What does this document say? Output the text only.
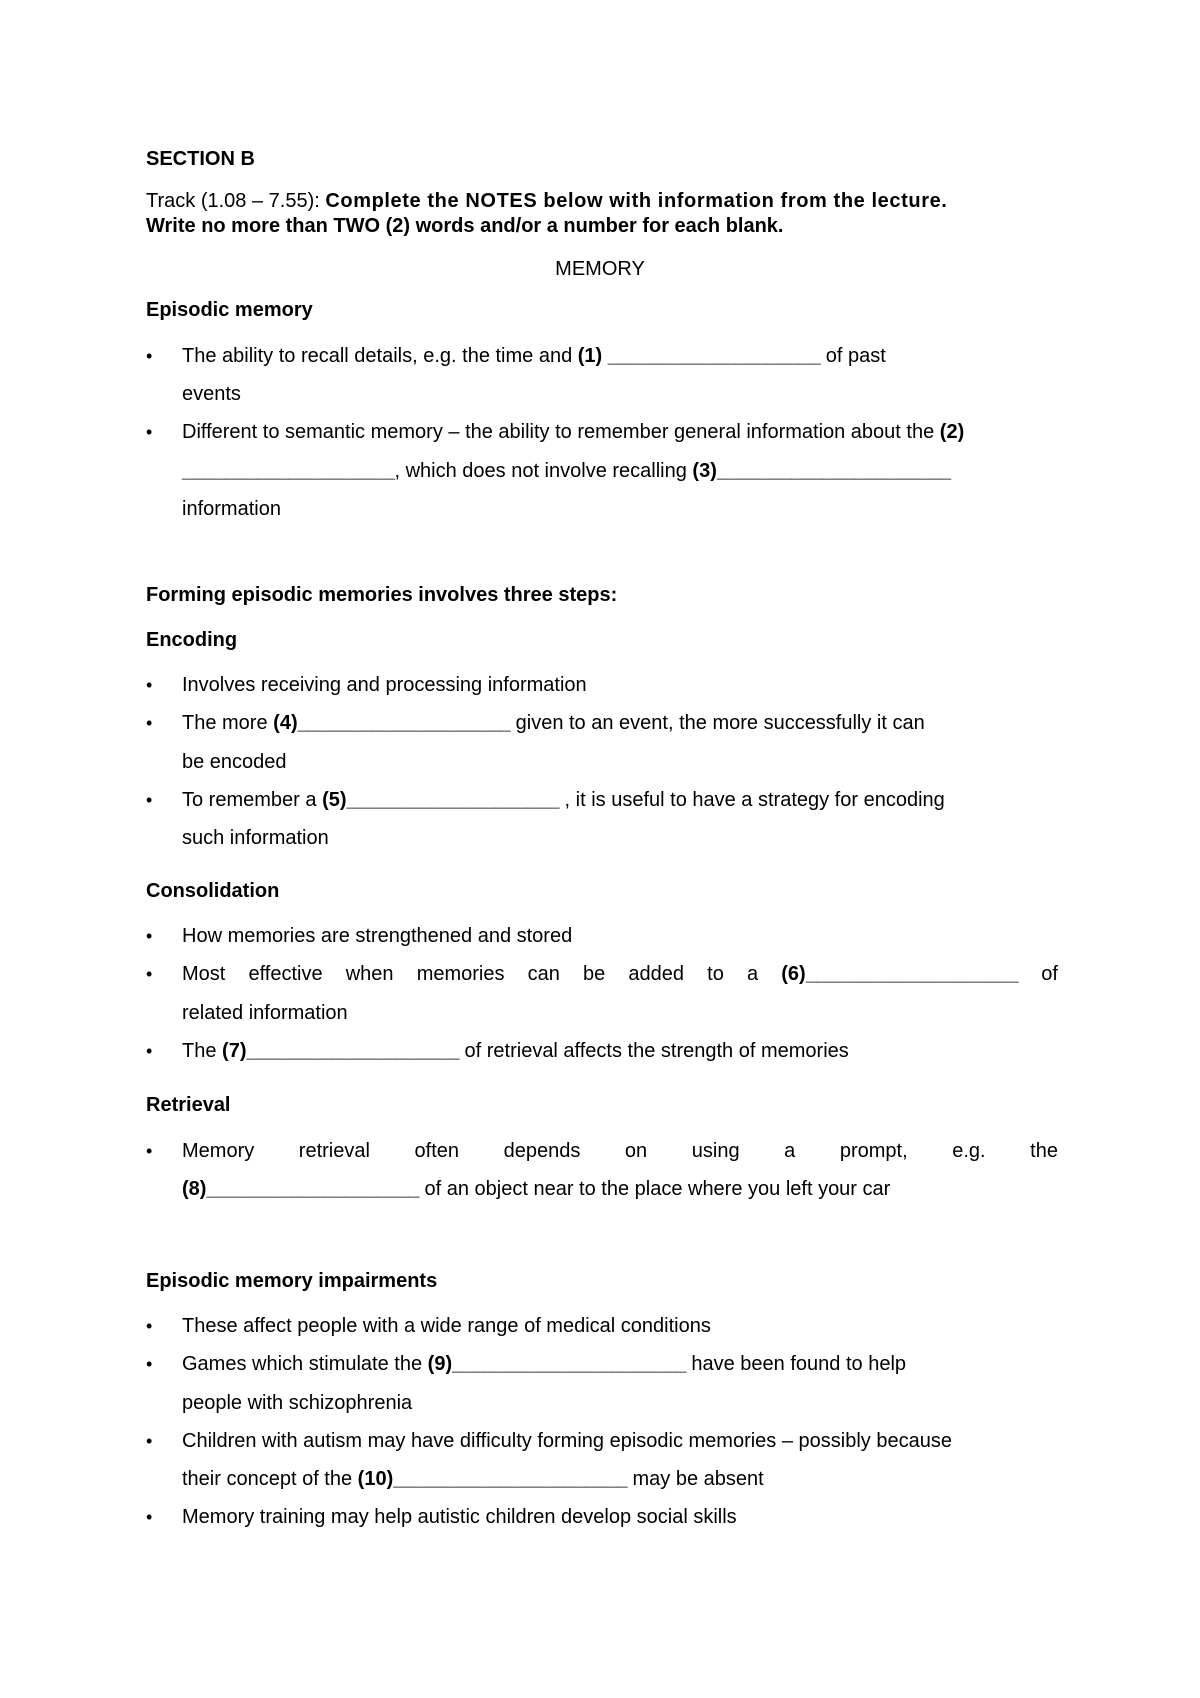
SECTION B
Track (1.08 – 7.55): Complete the NOTES below with information from the lecture.
Write no more than TWO (2) words and/or a number for each blank.
MEMORY
Episodic memory
• The ability to recall details, e.g. the time and (1) ____________________ of past
events
• Different to semantic memory – the ability to remember general information about the (2)
____________________, which does not involve recalling (3)______________________
information
Forming episodic memories involves three steps:
Encoding
• Involves receiving and processing information
• The more (4)____________________ given to an event, the more successfully it can
be encoded
• To remember a (5)____________________ , it is useful to have a strategy for encoding
such information
Consolidation
• How memories are strengthened and stored
• Most effective when memories can be added to a (6)____________________ of
related information
• The (7)____________________ of retrieval affects the strength of memories
Retrieval
• Memory retrieval often depends on using a prompt, e.g. the
(8)____________________ of an object near to the place where you left your car
Episodic memory impairments
• These affect people with a wide range of medical conditions
• Games which stimulate the (9)______________________ have been found to help
people with schizophrenia
• Children with autism may have difficulty forming episodic memories – possibly because
their concept of the (10)______________________ may be absent
• Memory training may help autistic children develop social skills
